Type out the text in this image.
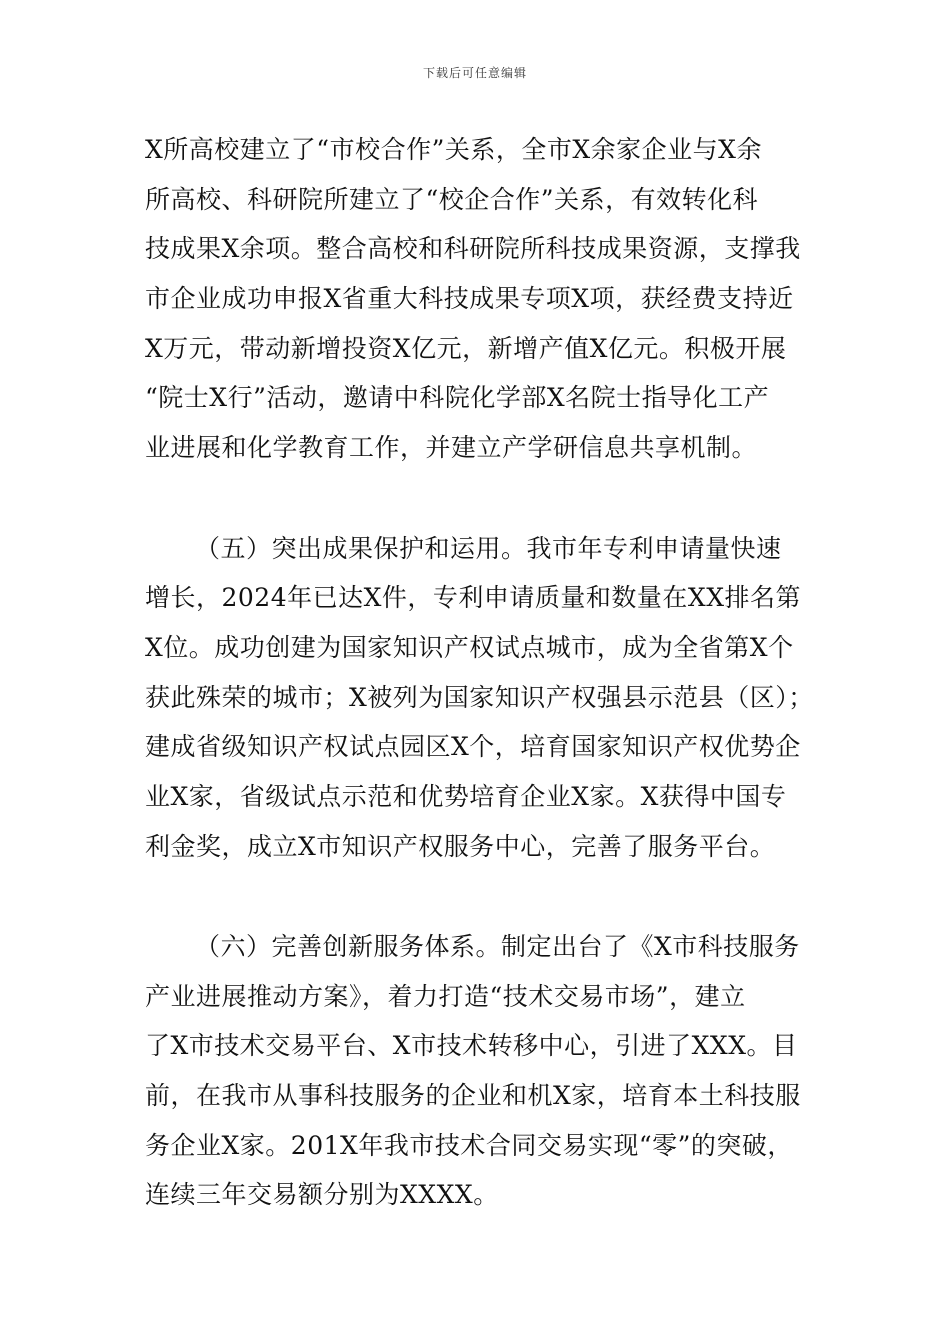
下载后可任意编辑
X所高校建立了“市校合作”关系，全市X余家企业与X余
所高校、科研院所建立了“校企合作”关系，有效转化科
技成果X余项。整合高校和科研院所科技成果资源，支撑我
市企业成功申报X省重大科技成果专项X项，获经费支持近
X万元，带动新增投资X亿元，新增产值X亿元。积极开展
“院士X行”活动，邀请中科院化学部X名院士指导化工产
业进展和化学教育工作，并建立产学研信息共享机制。
（五）突出成果保护和运用。我市年专利申请量快速
增长，2024年已达X件，专利申请质量和数量在XX排名第
X位。成功创建为国家知识产权试点城市，成为全省第X个
获此殊荣的城市；X被列为国家知识产权强县示范县（区）；
建成省级知识产权试点园区X个，培育国家知识产权优势企
业X家，省级试点示范和优势培育企业X家。X获得中国专
利金奖，成立X市知识产权服务中心，完善了服务平台。
（六）完善创新服务体系。制定出台了《X市科技服务
产业进展推动方案》，着力打造“技术交易市场”，建立
了X市技术交易平台、X市技术转移中心，引进了XXX。目
前，在我市从事科技服务的企业和机X家，培育本土科技服
务企业X家。201X年我市技术合同交易实现“零”的突破，
连续三年交易额分别为XXXX。
